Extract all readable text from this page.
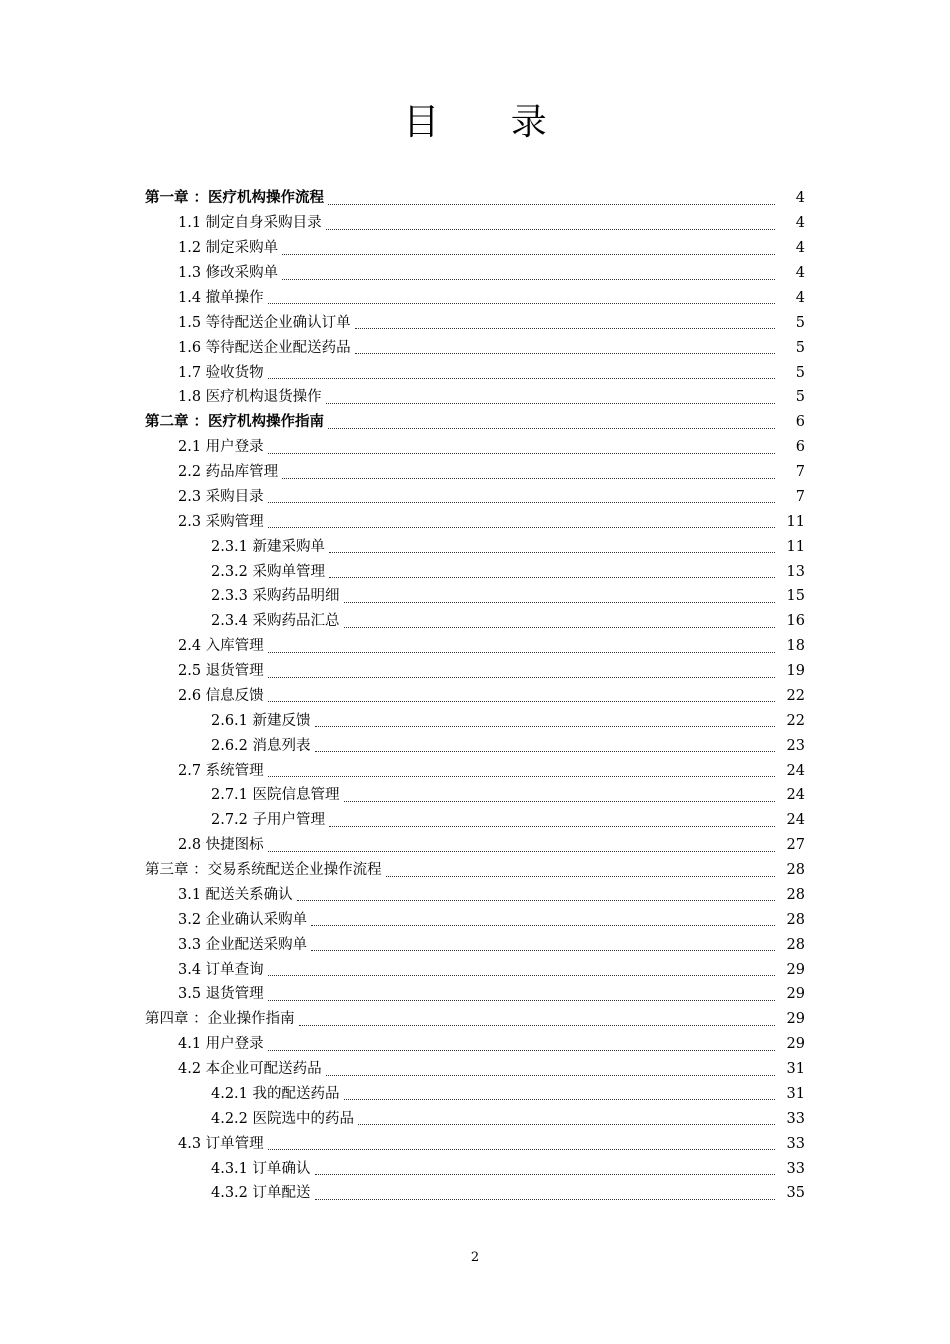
目 录
第一章 ：医疗机构操作流程	4
1.1 制定自身采购目录	4
1.2 制定采购单	4
1.3 修改采购单	4
1.4 撤单操作	4
1.5 等待配送企业确认订单	5
1.6 等待配送企业配送药品	5
1.7 验收货物	5
1.8 医疗机构退货操作	5
第二章 ：医疗机构操作指南	6
2.1 用户登录	6
2.2 药品库管理	7
2.3 采购目录	7
2.3 采购管理	11
2.3.1 新建采购单	11
2.3.2 采购单管理	13
2.3.3 采购药品明细	15
2.3.4 采购药品汇总	16
2.4 入库管理	18
2.5 退货管理	19
2.6 信息反馈	22
2.6.1 新建反馈	22
2.6.2 消息列表	23
2.7 系统管理	24
2.7.1 医院信息管理	24
2.7.2 子用户管理	24
2.8 快捷图标	27
第三章 ：交易系统配送企业操作流程	28
3.1 配送关系确认	28
3.2 企业确认采购单	28
3.3 企业配送采购单	28
3.4 订单查询	29
3.5 退货管理	29
第四章 ：企业操作指南	29
4.1 用户登录	29
4.2 本企业可配送药品	31
4.2.1 我的配送药品	31
4.2.2 医院选中的药品	33
4.3 订单管理	33
4.3.1 订单确认	33
4.3.2 订单配送	35
2
